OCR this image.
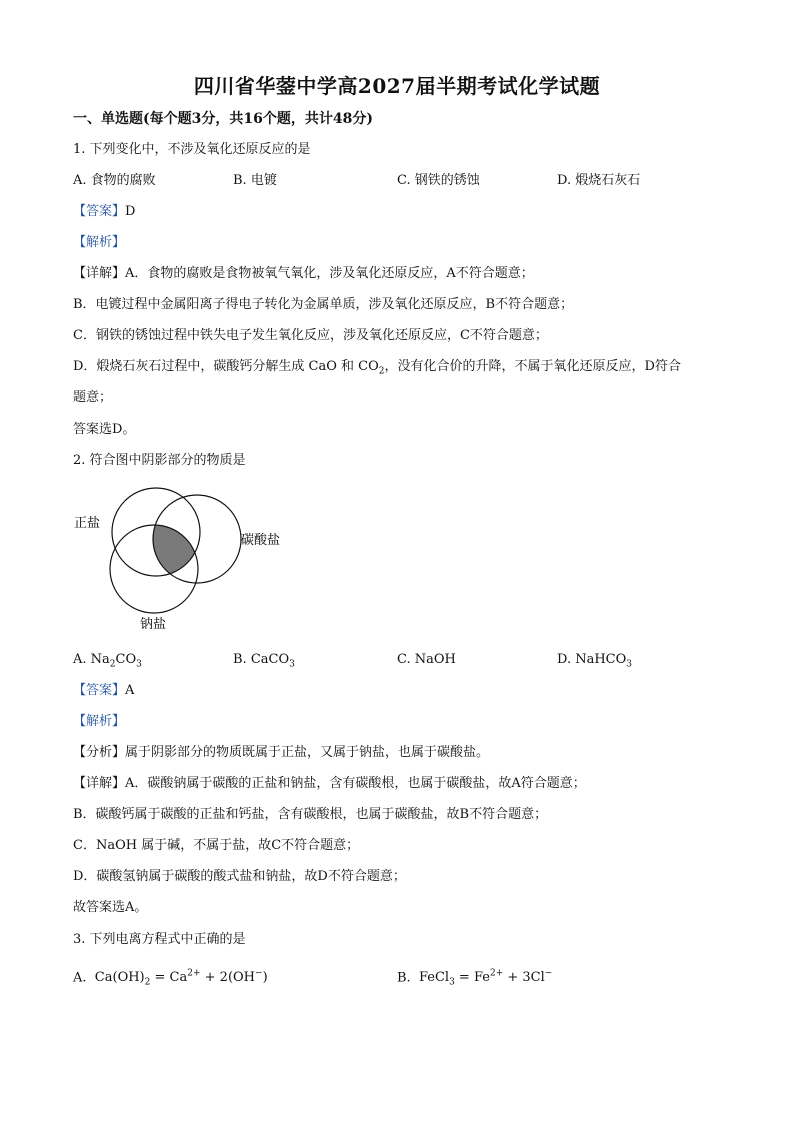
四川省华蓥中学高2027届半期考试化学试题
一、单选题(每个题3分，共16个题，共计48分)
1. 下列变化中，不涉及氧化还原反应的是
A. 食物的腐败	B. 电镀	C. 钢铁的锈蚀	D. 煅烧石灰石
【答案】D
【解析】
【详解】A．食物的腐败是食物被氧气氧化，涉及氧化还原反应，A不符合题意；
B．电镀过程中金属阳离子得电子转化为金属单质，涉及氧化还原反应，B不符合题意；
C．钢铁的锈蚀过程中铁失电子发生氧化反应，涉及氧化还原反应，C不符合题意；
D．煅烧石灰石过程中，碳酸钙分解生成 CaO 和 $CO_2$，没有化合价的升降，不属于氧化还原反应，D符合
题意；
答案选D。
2. 符合图中阴影部分的物质是
正盐
碳酸盐
钠盐
A. $Na_2CO_3$	B. CaCO$_3$	C. NaOH	D. NaHCO$_3$
【答案】A
【解析】
【分析】属于阴影部分的物质既属于正盐，又属于钠盐，也属于碳酸盐。
【详解】A．碳酸钠属于碳酸的正盐和钠盐，含有碳酸根，也属于碳酸盐，故A符合题意；
B．碳酸钙属于碳酸的正盐和钙盐，含有碳酸根，也属于碳酸盐，故B不符合题意；
C．NaOH 属于碱，不属于盐，故C不符合题意；
D．碳酸氢钠属于碳酸的酸式盐和钠盐，故D不符合题意；
故答案选A。
3. 下列电离方程式中正确的是
A. $Ca(OH)_2 = Ca^{2+} + 2(OH^-)$	B. FeCl$_3$ = $Fe^{2+} + 3Cl^-$
